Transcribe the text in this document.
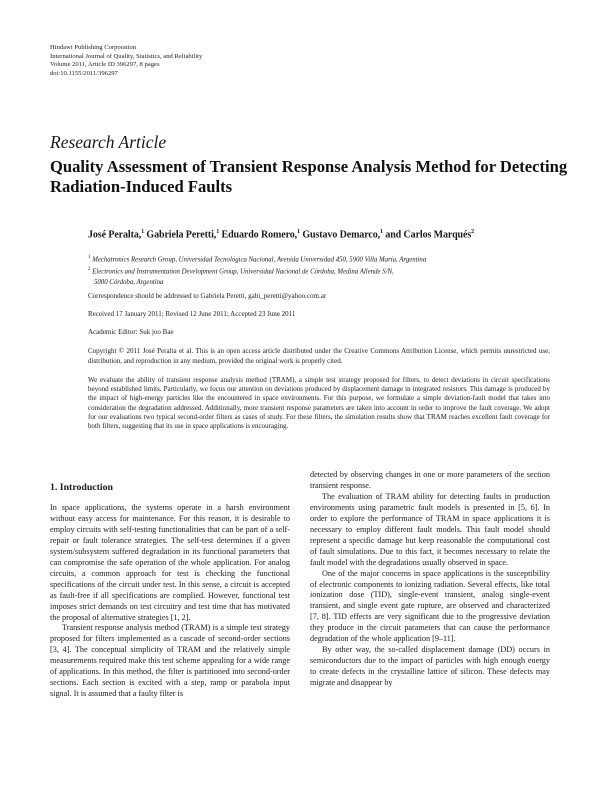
Hindawi Publishing Corporation
International Journal of Quality, Statistics, and Reliability
Volume 2011, Article ID 396297, 8 pages
doi:10.1155/2011/396297
Research Article
Quality Assessment of Transient Response Analysis Method for Detecting Radiation-Induced Faults
José Peralta,$^1$ Gabriela Peretti,$^1$ Eduardo Romero,$^1$ Gustavo Demarco,$^1$ and Carlos Marqués$^2$
$^1$ Mechatronics Research Group, Universidad Tecnológica Nacional, Avenida Universidad 450, 5900 Villa María, Argentina
$^2$ Electronics and Instrumentation Development Group, Universidad Nacional de Córdoba, Medina Allende S/N,
5000 Córdoba, Argentina
Correspondence should be addressed to Gabriela Peretti, gabi_peretti@yahoo.com.ar
Received 17 January 2011; Revised 12 June 2011; Accepted 23 June 2011
Academic Editor: Suk joo Bae
Copyright © 2011 José Peralta et al. This is an open access article distributed under the Creative Commons Attribution License, which permits unrestricted use, distribution, and reproduction in any medium, provided the original work is properly cited.
We evaluate the ability of transient response analysis method (TRAM), a simple test strategy proposed for filters, to detect deviations in circuit specifications beyond established limits. Particularly, we focus our attention on deviations produced by displacement damage in integrated resistors. This damage is produced by the impact of high-energy particles like the encountered in space environments. For this purpose, we formulate a simple deviation-fault model that takes into consideration the degradation addressed. Additionally, more transient response parameters are taken into account in order to improve the fault coverage. We adopt for our evaluations two typical second-order filters as cases of study. For these filters, the simulation results show that TRAM reaches excellent fault coverage for both filters, suggesting that its use in space applications is encouraging.
1. Introduction

In space applications, the systems operate in a harsh environment without easy access for maintenance. For this reason, it is desirable to employ circuits with self-testing functionalities that can be part of a self-repair or fault tolerance strategies. The self-test determines if a given system/subsystem suffered degradation in its functional parameters that can compromise the safe operation of the whole application. For analog circuits, a common approach for test is checking the functional specifications of the circuit under test. In this sense, a circuit is accepted as fault-free if all specifications are complied. However, functional test imposes strict demands on test circuitry and test time that has motivated the proposal of alternative strategies [1, 2].

Transient response analysis method (TRAM) is a simple test strategy proposed for filters implemented as a cascade of second-order sections [3, 4]. The conceptual simplicity of TRAM and the relatively simple measurements required make this test scheme appealing for a wide range of applications. In this method, the filter is partitioned into second-order sections. Each section is excited with a step, ramp or parabola input signal. It is assumed that a faulty filter is

detected by observing changes in one or more parameters of the section transient response.

The evaluation of TRAM ability for detecting faults in production environments using parametric fault models is presented in [5, 6]. In order to explore the performance of TRAM in space applications it is necessary to employ different fault models. This fault model should represent a specific damage but keep reasonable the computational cost of fault simulations. Due to this fact, it becomes necessary to relate the fault model with the degradations usually observed in space.

One of the major concerns in space applications is the susceptibility of electronic components to ionizing radiation. Several effects, like total ionization dose (TID), single-event transient, analog single-event transient, and single event gate rupture, are observed and characterized [7, 8]. TID effects are very significant due to the progressive deviation they produce in the circuit parameters that can cause the performance degradation of the whole application [9–11].

By other way, the so-called displacement damage (DD) occurs in semiconductors due to the impact of particles with high enough energy to create defects in the crystalline lattice of silicon. These defects may migrate and disappear by
